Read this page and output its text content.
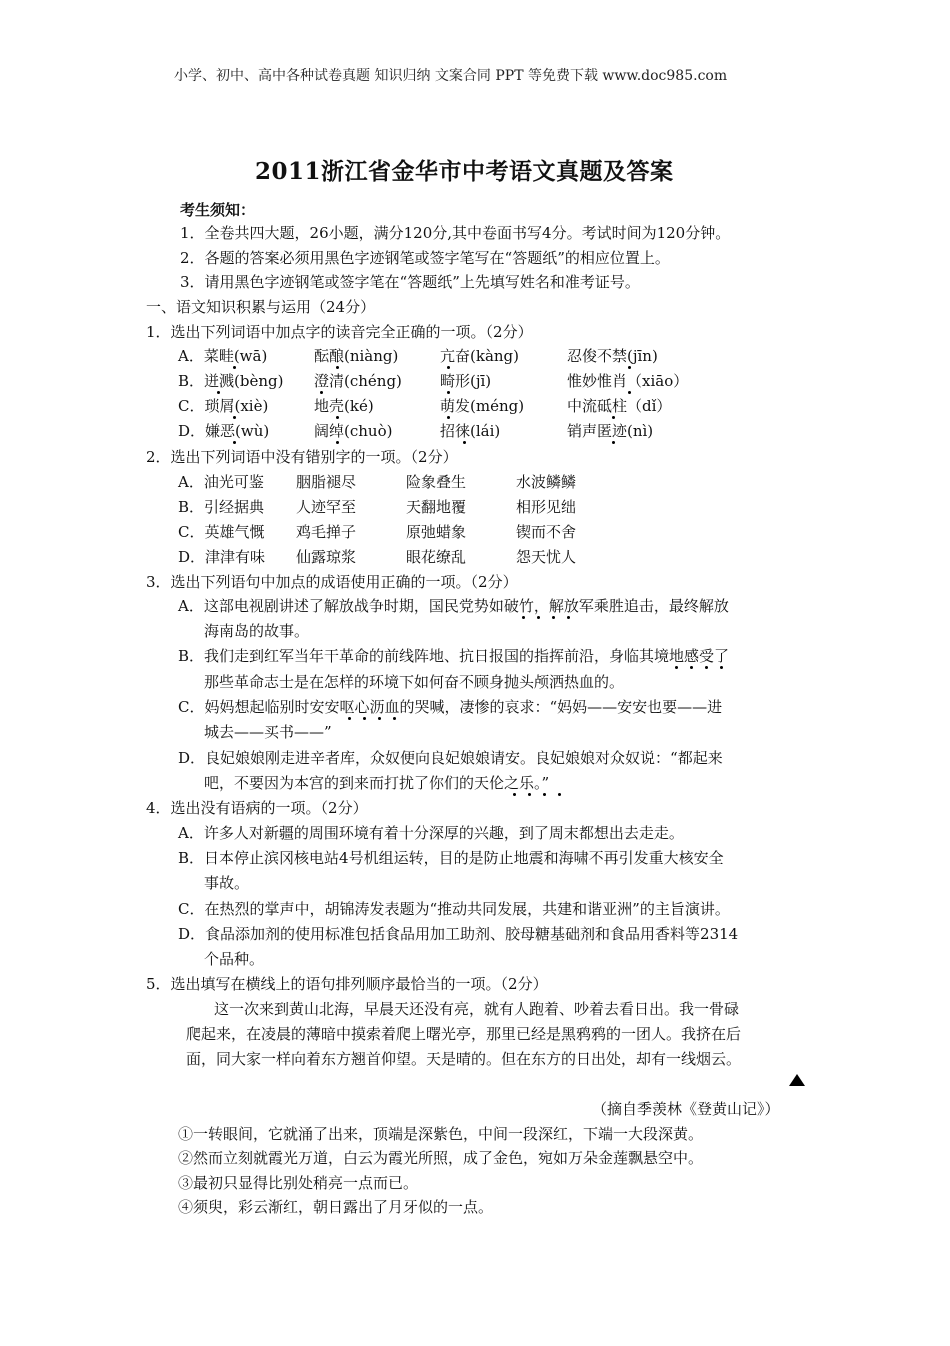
小学、初中、高中各种试卷真题 知识归纳 文案合同 PPT 等免费下载 www.doc985.com
2011浙江省金华市中考语文真题及答案
考生须知：
1．全卷共四大题，26小题，满分120分,其中卷面书写4分。考试时间为120分钟。
2．各题的答案必须用黑色字迹钢笔或签字笔写在“答题纸”的相应位置上。
3．请用黑色字迹钢笔或签字笔在“答题纸”上先填写姓名和准考证号。
一、语文知识积累与运用（24分）
1．选出下列词语中加点字的读音完全正确的一项。（2分）
A．菜畦(wā)	酝酿(niàng)	亢奋(kàng)	忍俊不禁(jīn)
B．迸溅(bèng) 澄清(chéng)	畸形(jī)	惟妙惟肖（xiāo）
C．琐屑(xiè)	地壳(ké)	萌发(méng)	中流砥柱（dǐ）
D．嫌恶(wù)	阔绰(chuò)	招徕(lái)	销声匿迹(nì)
2．选出下列词语中没有错别字的一项。（2分）
A．油光可鉴 胭脂褪尽	险象叠生	水波鳞鳞
B．引经据典 人迹罕至	天翻地覆	相形见绌
C．英雄气慨 鸡毛掸子	原弛蜡象	锲而不舍
D．津津有味 仙露琼浆	眼花缭乱	怨天忧人
3．选出下列语句中加点的成语使用正确的一项。（2分）
A．这部电视剧讲述了解放战争时期，国民党势如破竹，解放军乘胜追击，最终解放
海南岛的故事。
B．我们走到红军当年干革命的前线阵地、抗日报国的指挥前沿，身临其境地感受了
那些革命志士是在怎样的环境下如何奋不顾身抛头颅洒热血的。
C．妈妈想起临别时安安呕心沥血的哭喊，凄惨的哀求：“妈妈——安安也要——进
城去——买书——”
D．良妃娘娘刚走进辛者库，众奴便向良妃娘娘请安。良妃娘娘对众奴说：“都起来
吧，不要因为本宫的到来而打扰了你们的天伦之乐。”
4．选出没有语病的一项。（2分）
A．许多人对新疆的周围环境有着十分深厚的兴趣，到了周末都想出去走走。
B．日本停止滨冈核电站4号机组运转，目的是防止地震和海啸不再引发重大核安全
事故。
C．在热烈的掌声中，胡锦涛发表题为“推动共同发展，共建和谐亚洲”的主旨演讲。
D．食品添加剂的使用标准包括食品用加工助剂、胶母糖基础剂和食品用香料等2314
个品种。
5．选出填写在横线上的语句排列顺序最恰当的一项。（2分）
这一次来到黄山北海，早晨天还没有亮，就有人跑着、吵着去看日出。我一骨碌
爬起来，在凌晨的薄暗中摸索着爬上曙光亭，那里已经是黑鸦鸦的一团人。我挤在后
面，同大家一样向着东方翘首仰望。天是晴的。但在东方的日出处，却有一线烟云。
（摘自季羡林《登黄山记》）
①一转眼间，它就涌了出来，顶端是深紫色，中间一段深红，下端一大段深黄。
②然而立刻就霞光万道，白云为霞光所照，成了金色，宛如万朵金莲飘悬空中。
③最初只显得比别处稍亮一点而已。
④须臾，彩云渐红，朝日露出了月牙似的一点。
